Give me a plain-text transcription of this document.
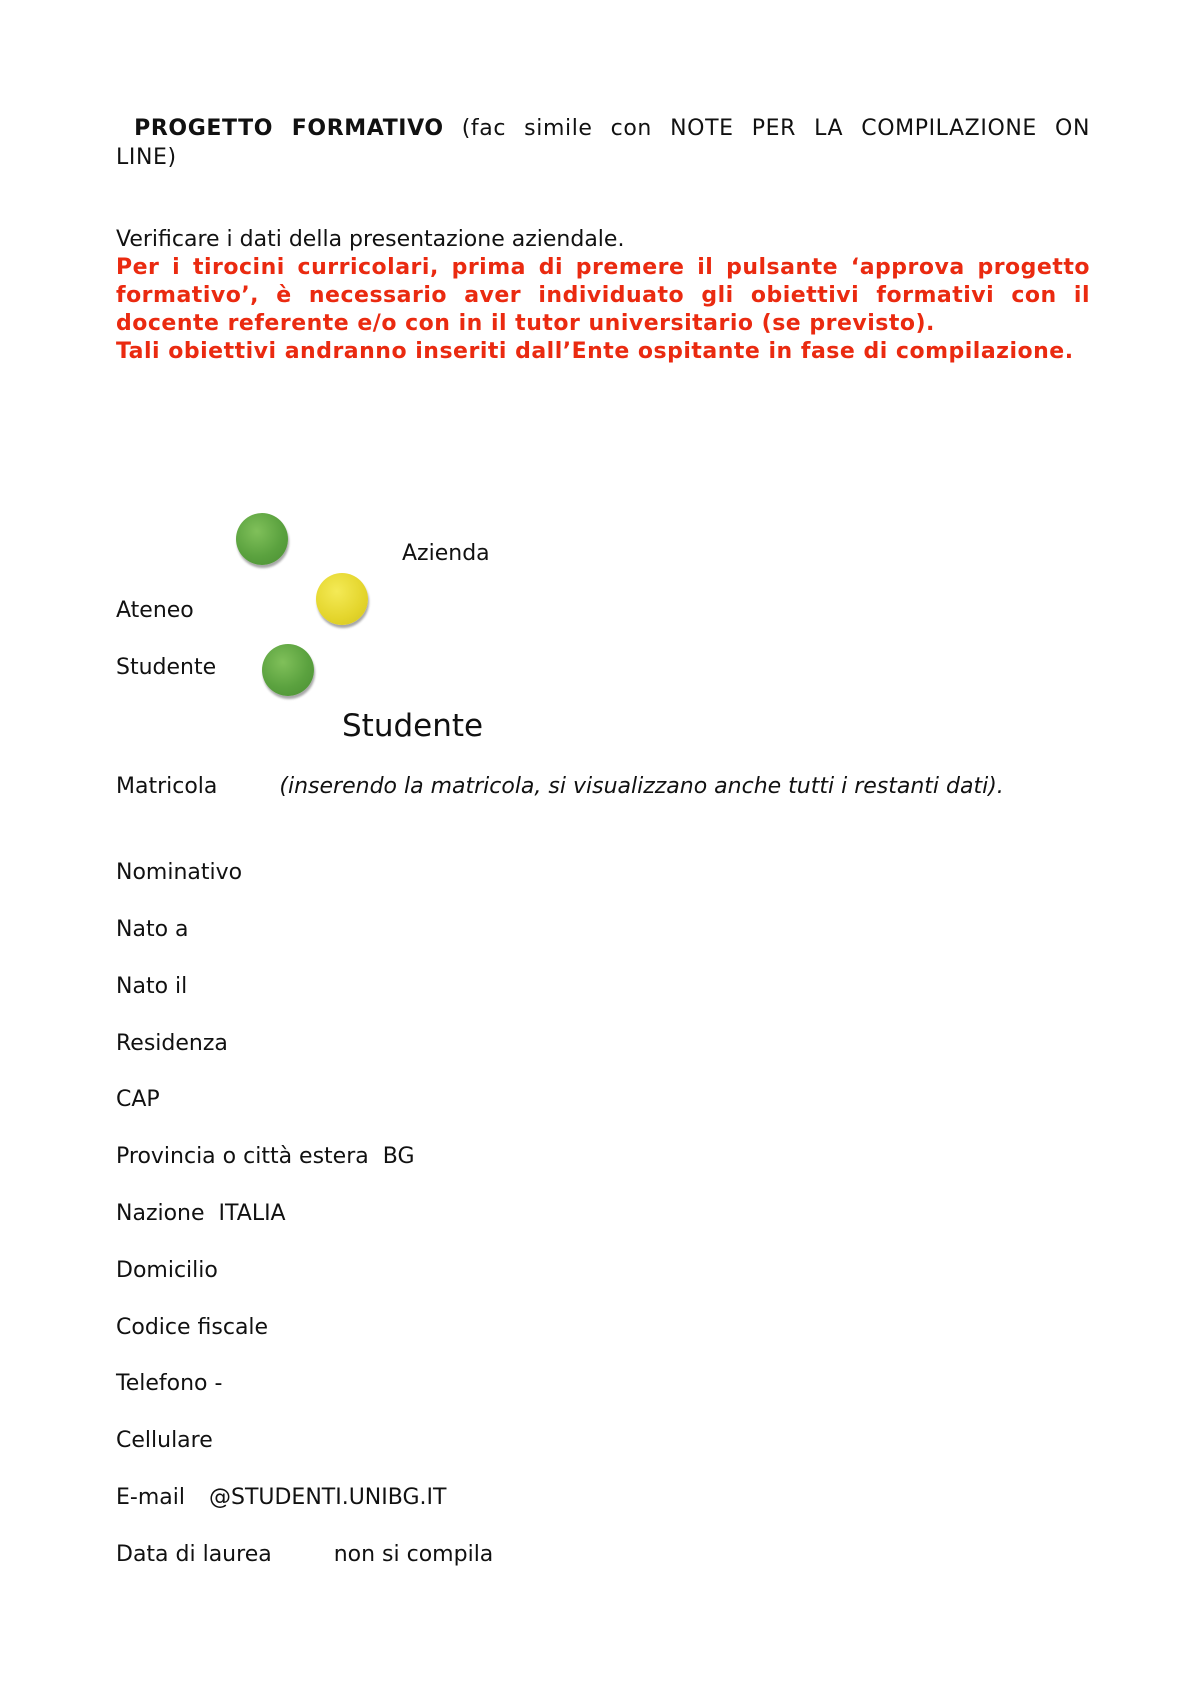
PROGETTO FORMATIVO (fac simile con NOTE PER LA COMPILAZIONE ON LINE)
Verificare i dati della presentazione aziendale.

Per i tirocini curricolari, prima di premere il pulsante ‘approva progetto formativo’, è necessario aver individuato gli obiettivi formativi con il docente referente e/o con in il tutor universitario (se previsto).

Tali obiettivi andranno inseriti dall’Ente ospitante in fase di compilazione.

Azienda
Ateneo
Studente
Studente
Matricola	(inserendo la matricola, si visualizzano anche tutti i restanti dati).
Nominativo
Nato a
Nato il
Residenza
CAP
Provincia o città estera BG
Nazione ITALIA
Domicilio
Codice fiscale
Telefono -
Cellulare
E-mail @STUDENTI.UNIBG.IT
Data di laurea	non si compila
